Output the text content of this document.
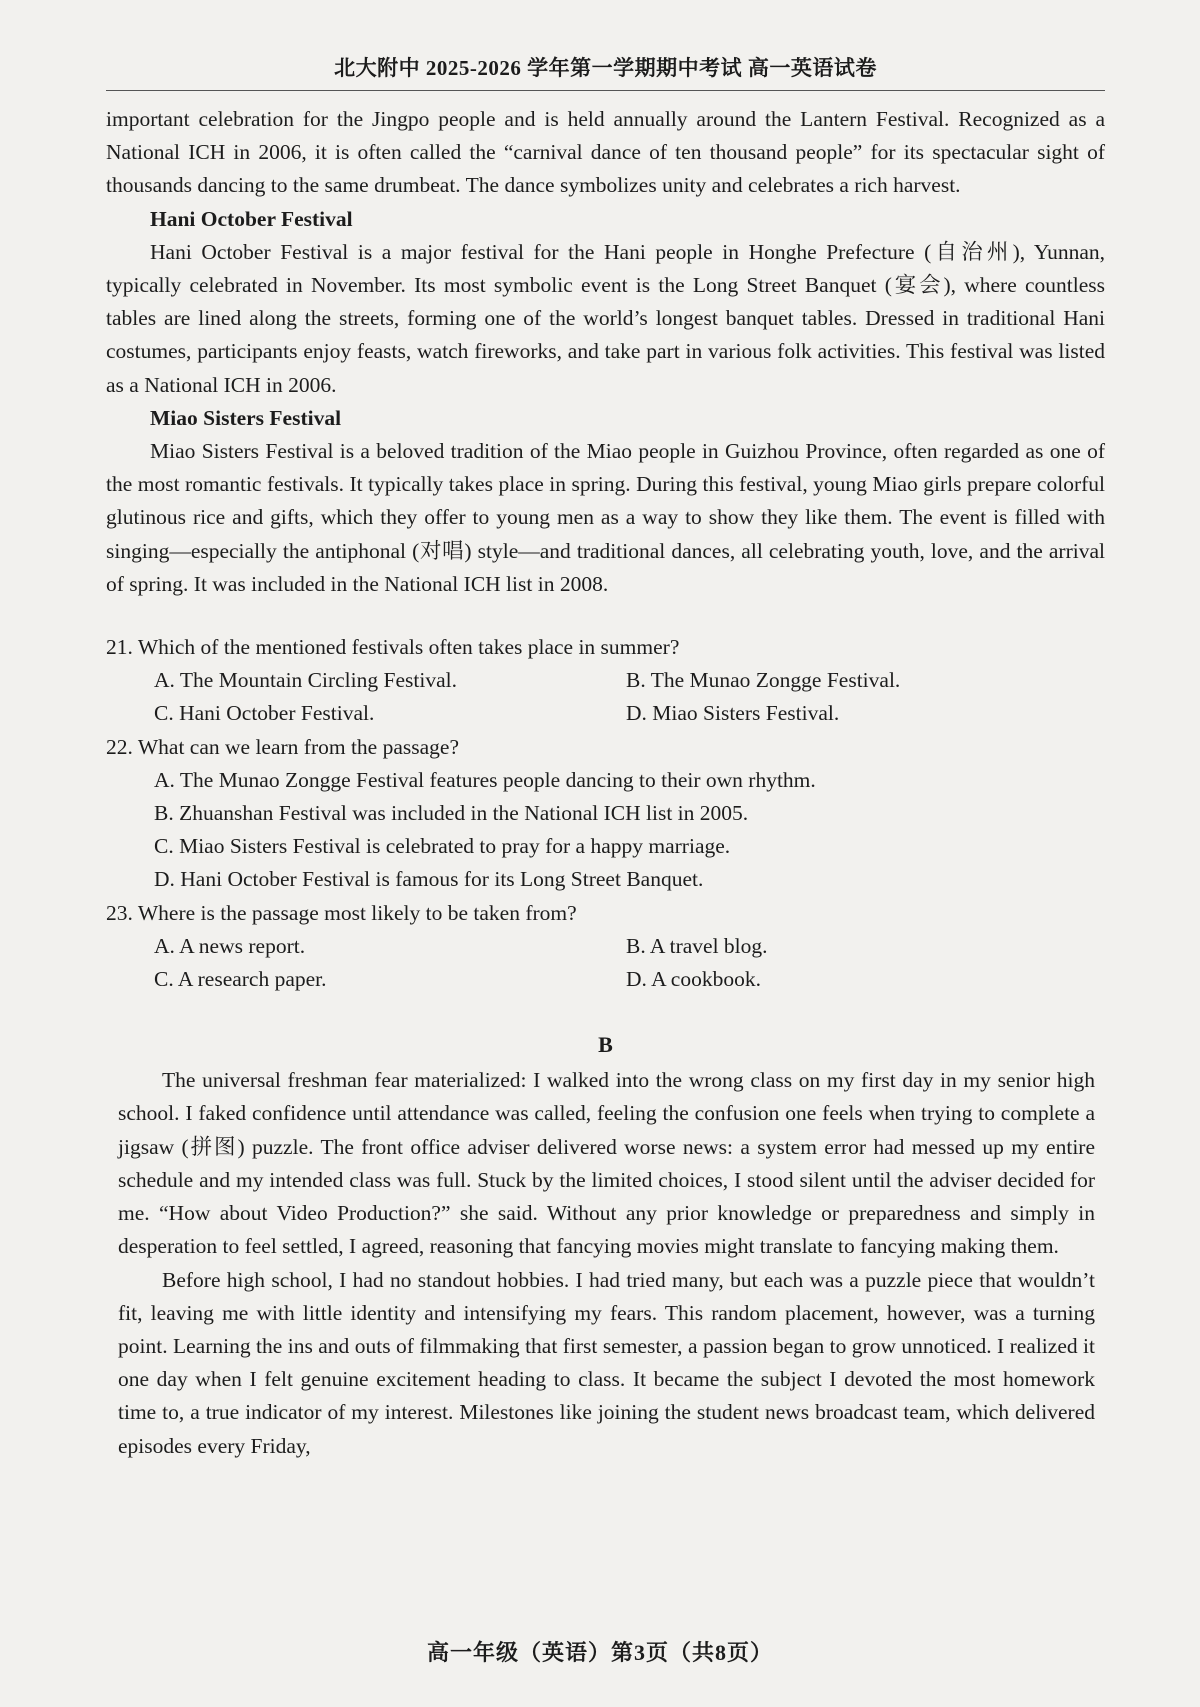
北大附中 2025-2026 学年第一学期期中考试 高一英语试卷

important celebration for the Jingpo people and is held annually around the Lantern Festival. Recognized as a National ICH in 2006, it is often called the “carnival dance of ten thousand people” for its spectacular sight of thousands dancing to the same drumbeat. The dance symbolizes unity and celebrates a rich harvest.

Hani October Festival

Hani October Festival is a major festival for the Hani people in Honghe Prefecture (自治州), Yunnan, typically celebrated in November. Its most symbolic event is the Long Street Banquet (宴会), where countless tables are lined along the streets, forming one of the world’s longest banquet tables. Dressed in traditional Hani costumes, participants enjoy feasts, watch fireworks, and take part in various folk activities. This festival was listed as a National ICH in 2006.

Miao Sisters Festival

Miao Sisters Festival is a beloved tradition of the Miao people in Guizhou Province, often regarded as one of the most romantic festivals. It typically takes place in spring. During this festival, young Miao girls prepare colorful glutinous rice and gifts, which they offer to young men as a way to show they like them. The event is filled with singing—especially the antiphonal (对唱) style—and traditional dances, all celebrating youth, love, and the arrival of spring. It was included in the National ICH list in 2008.

21. Which of the mentioned festivals often takes place in summer?
A. The Mountain Circling Festival.	B. The Munao Zongge Festival.
C. Hani October Festival.	D. Miao Sisters Festival.
22. What can we learn from the passage?
A. The Munao Zongge Festival features people dancing to their own rhythm.
B. Zhuanshan Festival was included in the National ICH list in 2005.
C. Miao Sisters Festival is celebrated to pray for a happy marriage.
D. Hani October Festival is famous for its Long Street Banquet.
23. Where is the passage most likely to be taken from?
A. A news report.	B. A travel blog.
C. A research paper.	D. A cookbook.
B

The universal freshman fear materialized: I walked into the wrong class on my first day in my senior high school. I faked confidence until attendance was called, feeling the confusion one feels when trying to complete a jigsaw (拼图) puzzle. The front office adviser delivered worse news: a system error had messed up my entire schedule and my intended class was full. Stuck by the limited choices, I stood silent until the adviser decided for me. “How about Video Production?” she said. Without any prior knowledge or preparedness and simply in desperation to feel settled, I agreed, reasoning that fancying movies might translate to fancying making them.

Before high school, I had no standout hobbies. I had tried many, but each was a puzzle piece that wouldn’t fit, leaving me with little identity and intensifying my fears. This random placement, however, was a turning point. Learning the ins and outs of filmmaking that first semester, a passion began to grow unnoticed. I realized it one day when I felt genuine excitement heading to class. It became the subject I devoted the most homework time to, a true indicator of my interest. Milestones like joining the student news broadcast team, which delivered episodes every Friday,

高一年级（英语）第3页（共8页）
